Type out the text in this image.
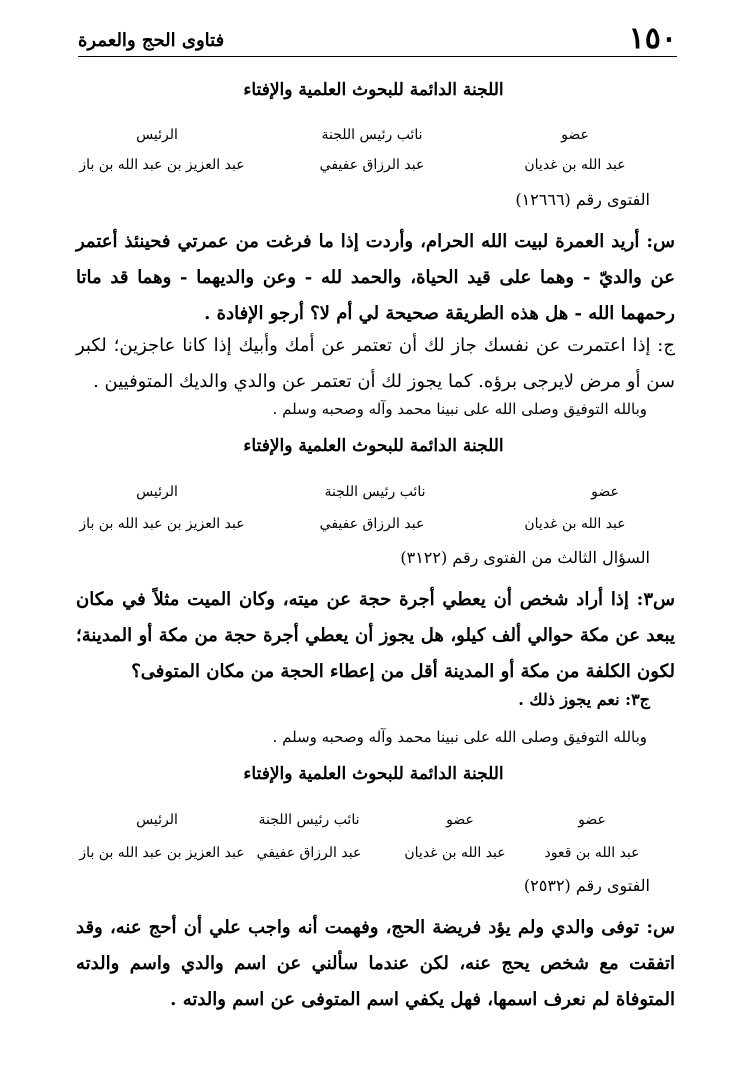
١٥٠
فتاوى الحج والعمرة
اللجنة الدائمة للبحوث العلمية والإفتاء
عضو
نائب رئيس اللجنة
الرئيس
عبد الله بن غديان
عبد الرزاق عفيفي
عبد العزيز بن عبد الله بن باز
الفتوى رقم (١٢٦٦٦)
س: أريد العمرة لبيت الله الحرام، وأردت إذا ما فرغت من عمرتي فحينئذ أعتمر عن والديّ - وهما على قيد الحياة، والحمد لله - وعن والديهما - وهما قد ماتا رحمهما الله - هل هذه الطريقة صحيحة لي أم لا؟ أرجو الإفادة .
ج: إذا اعتمرت عن نفسك جاز لك أن تعتمر عن أمك وأبيك إذا كانا عاجزين؛ لكبر سن أو مرض لايرجى برؤه. كما يجوز لك أن تعتمر عن والدي والديك المتوفيين .
وبالله التوفيق وصلى الله على نبينا محمد وآله وصحبه وسلم .
اللجنة الدائمة للبحوث العلمية والإفتاء
عضو
نائب رئيس اللجنة
الرئيس
عبد الله بن غديان
عبد الرزاق عفيفي
عبد العزيز بن عبد الله بن باز
السؤال الثالث من الفتوى رقم (٣١٢٢)
س٣: إذا أراد شخص أن يعطي أجرة حجة عن ميته، وكان الميت مثلاً في مكان يبعد عن مكة حوالي ألف كيلو، هل يجوز أن يعطي أجرة حجة من مكة أو المدينة؛ لكون الكلفة من مكة أو المدينة أقل من إعطاء الحجة من مكان المتوفى؟
ج٣: نعم يجوز ذلك .
وبالله التوفيق وصلى الله على نبينا محمد وآله وصحبه وسلم .
اللجنة الدائمة للبحوث العلمية والإفتاء
عضو
عضو
نائب رئيس اللجنة
الرئيس
عبد الله بن قعود
عبد الله بن غديان
عبد الرزاق عفيفي
عبد العزيز بن عبد الله بن باز
الفتوى رقم (٢٥٣٢)
س: توفى والدي ولم يؤد فريضة الحج، وفهمت أنه واجب علي أن أحج عنه، وقد اتفقت مع شخص يحج عنه، لكن عندما سألني عن اسم والدي واسم والدته المتوفاة لم نعرف اسمها، فهل يكفي اسم المتوفى عن اسم والدته .
